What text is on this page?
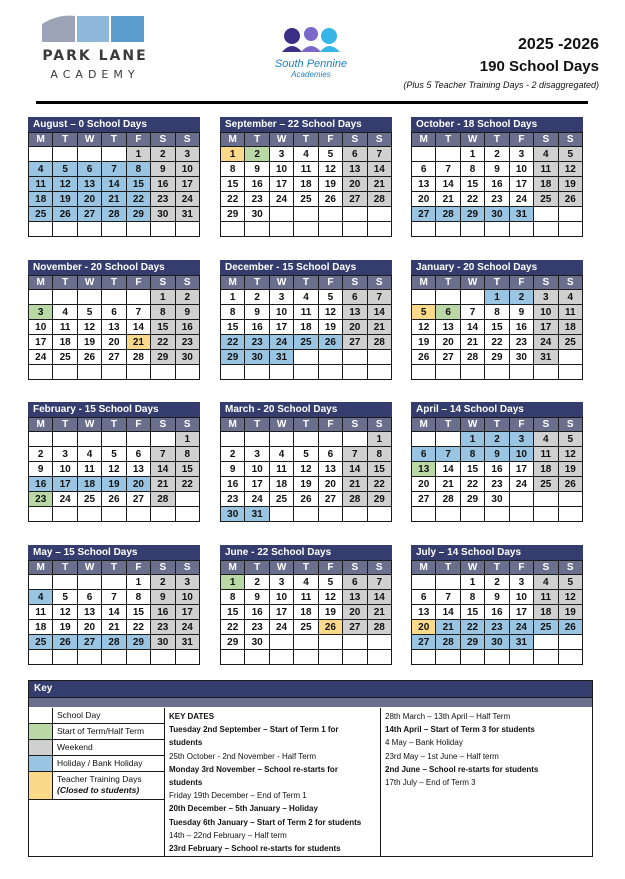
PARK LANE
ACADEMY
South Pennine
Academies
2025 -2026
190 School Days
(Plus 5 Teacher Training Days - 2 disaggregated)
August – 0 School Days
M	T	W	T	F	S	S
				1	2	3
4	5	6	7	8	9	10
11	12	13	14	15	16	17
18	19	20	21	22	23	24
25	26	27	28	29	30	31

September – 22 School Days
M	T	W	T	F	S	S
1	2	3	4	5	6	7
8	9	10	11	12	13	14
15	16	17	18	19	20	21
22	23	24	25	26	27	28
29	30					

October - 18 School Days
M	T	W	T	F	S	S
		1	2	3	4	5
6	7	8	9	10	11	12
13	14	15	16	17	18	19
20	21	22	23	24	25	26
27	28	29	30	31		

November - 20 School Days
M	T	W	T	F	S	S
					1	2
3	4	5	6	7	8	9
10	11	12	13	14	15	16
17	18	19	20	21	22	23
24	25	26	27	28	29	30

December - 15 School Days
M	T	W	T	F	S	S
1	2	3	4	5	6	7
8	9	10	11	12	13	14
15	16	17	18	19	20	21
22	23	24	25	26	27	28
29	30	31				

January - 20 School Days
M	T	W	T	F	S	S
			1	2	3	4
5	6	7	8	9	10	11
12	13	14	15	16	17	18
19	20	21	22	23	24	25
26	27	28	29	30	31	

February - 15 School Days
M	T	W	T	F	S	S
						1
2	3	4	5	6	7	8
9	10	11	12	13	14	15
16	17	18	19	20	21	22
23	24	25	26	27	28	

March - 20 School Days
M	T	W	T	F	S	S
						1
2	3	4	5	6	7	8
9	10	11	12	13	14	15
16	17	18	19	20	21	22
23	24	25	26	27	28	29
30	31					
April – 14 School Days
M	T	W	T	F	S	S
		1	2	3	4	5
6	7	8	9	10	11	12
13	14	15	16	17	18	19
20	21	22	23	24	25	26
27	28	29	30			

May – 15 School Days
M	T	W	T	F	S	S
				1	2	3
4	5	6	7	8	9	10
11	12	13	14	15	16	17
18	19	20	21	22	23	24
25	26	27	28	29	30	31

June - 22 School Days
M	T	W	T	F	S	S
1	2	3	4	5	6	7
8	9	10	11	12	13	14
15	16	17	18	19	20	21
22	23	24	25	26	27	28
29	30					

July – 14 School Days
M	T	W	T	F	S	S
		1	2	3	4	5
6	7	8	9	10	11	12
13	14	15	16	17	18	19
20	21	22	23	24	25	26
27	28	29	30	31		

Key
School Day
Start of Term/Half Term
Weekend
Holiday / Bank Holiday
Teacher Training Days
(Closed to students)
KEY DATES
Tuesday 2nd September – Start of Term 1 for
students
25th October - 2nd November - Half Term
Monday 3rd November – School re-starts for
students
Friday 19th December – End of Term 1
20th December – 5th January – Holiday
Tuesday 6th January – Start of Term 2 for students
14th – 22nd February – Half term
23rd February – School re-starts for students
28th March – 13th April – Half Term
14th April – Start of Term 3 for students
4 May – Bank Holiday
23rd May – 1st June – Half term
2nd June – School re-starts for students
17th July – End of Term 3
